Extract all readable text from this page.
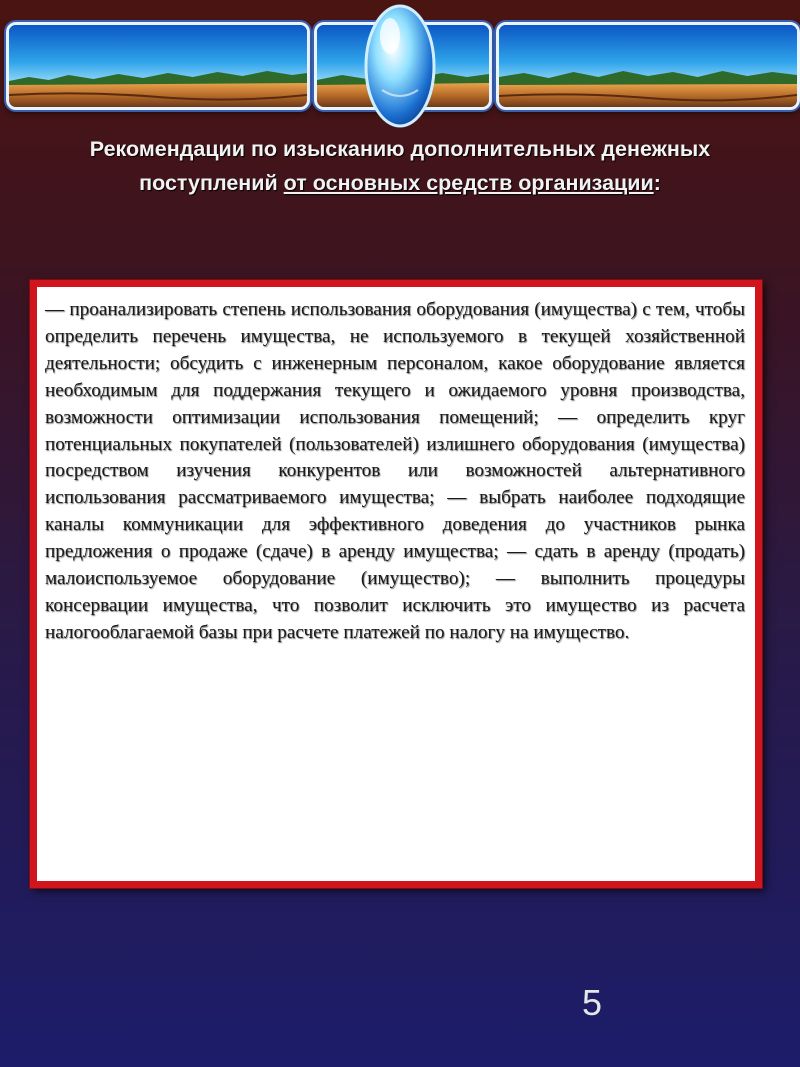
Рекомендации по изысканию дополнительных денежных
поступлений от основных средств организации:

— проанализировать степень использования оборудования (имущества) с тем, чтобы определить перечень имущества, не используемого в текущей хозяйственной деятельности; обсудить с инженерным персоналом, какое оборудование является необходимым для поддержания текущего и ожидаемого уровня производства, возможности оптимизации использования помещений; — определить круг потенциальных покупателей (пользователей) излишнего оборудования (имущества) посредством изучения конкурентов или возможностей альтернативного использования рассматриваемого имущества; — выбрать наиболее подходящие каналы коммуникации для эффективного доведения до участников рынка предложения о продаже (сдаче) в аренду имущества; — сдать в аренду (продать) малоиспользуемое оборудование (имущество); — выполнить процедуры консервации имущества, что позволит исключить это имущество из расчета налогооблагаемой базы при расчете платежей по налогу на имущество.

5
